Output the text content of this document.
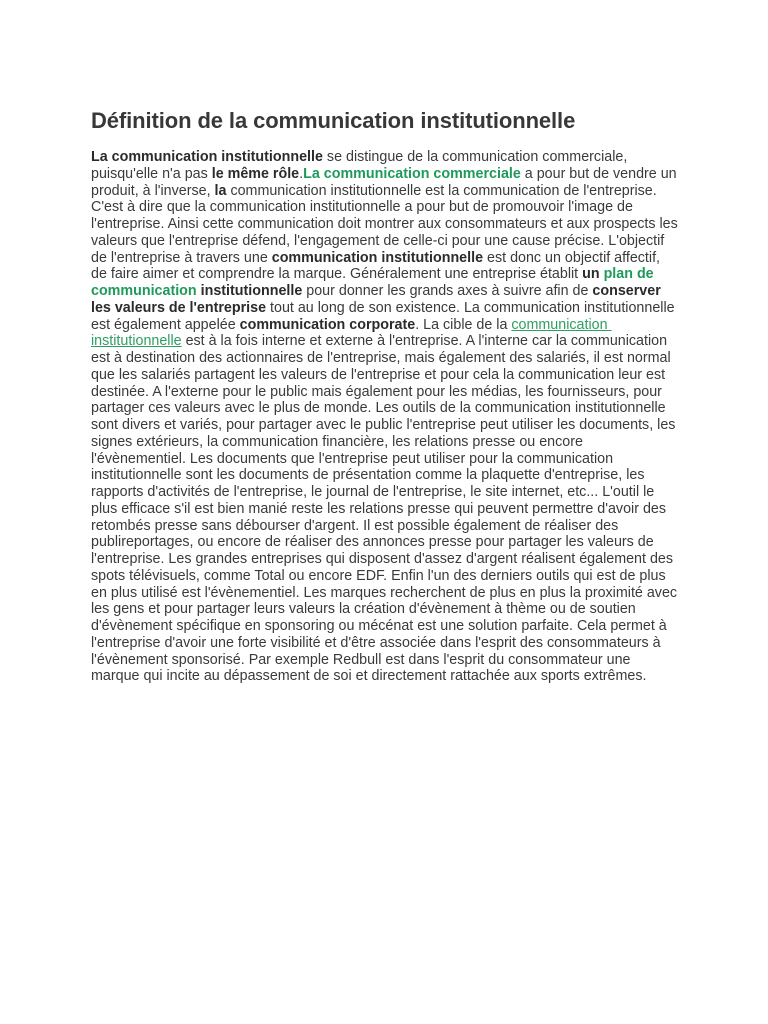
Définition de la communication institutionnelle
La communication institutionnelle se distingue de la communication commerciale, puisqu'elle n'a pas le même rôle.La communication commerciale a pour but de vendre un produit, à l'inverse, la communication institutionnelle est la communication de l'entreprise. C'est à dire que la communication institutionnelle a pour but de promouvoir l'image de l'entreprise. Ainsi cette communication doit montrer aux consommateurs et aux prospects les valeurs que l'entreprise défend, l'engagement de celle-ci pour une cause précise. L'objectif de l'entreprise à travers une communication institutionnelle est donc un objectif affectif, de faire aimer et comprendre la marque. Généralement une entreprise établit un plan de communication institutionnelle pour donner les grands axes à suivre afin de conserver les valeurs de l'entreprise tout au long de son existence. La communication institutionnelle est également appelée communication corporate. La cible de la communication institutionnelle est à la fois interne et externe à l'entreprise. A l'interne car la communication est à destination des actionnaires de l'entreprise, mais également des salariés, il est normal que les salariés partagent les valeurs de l'entreprise et pour cela la communication leur est destinée. A l'externe pour le public mais également pour les médias, les fournisseurs, pour partager ces valeurs avec le plus de monde. Les outils de la communication institutionnelle sont divers et variés, pour partager avec le public l'entreprise peut utiliser les documents, les signes extérieurs, la communication financière, les relations presse ou encore l'évènementiel. Les documents que l'entreprise peut utiliser pour la communication institutionnelle sont les documents de présentation comme la plaquette d'entreprise, les rapports d'activités de l'entreprise, le journal de l'entreprise, le site internet, etc... L'outil le plus efficace s'il est bien manié reste les relations presse qui peuvent permettre d'avoir des retombés presse sans débourser d'argent. Il est possible également de réaliser des publireportages, ou encore de réaliser des annonces presse pour partager les valeurs de l'entreprise. Les grandes entreprises qui disposent d'assez d'argent réalisent également des spots télévisuels, comme Total ou encore EDF. Enfin l'un des derniers outils qui est de plus en plus utilisé est l'évènementiel. Les marques recherchent de plus en plus la proximité avec les gens et pour partager leurs valeurs la création d'évènement à thème ou de soutien d'évènement spécifique en sponsoring ou mécénat est une solution parfaite. Cela permet à l'entreprise d'avoir une forte visibilité et d'être associée dans l'esprit des consommateurs à l'évènement sponsorisé. Par exemple Redbull est dans l'esprit du consommateur une marque qui incite au dépassement de soi et directement rattachée aux sports extrêmes.
